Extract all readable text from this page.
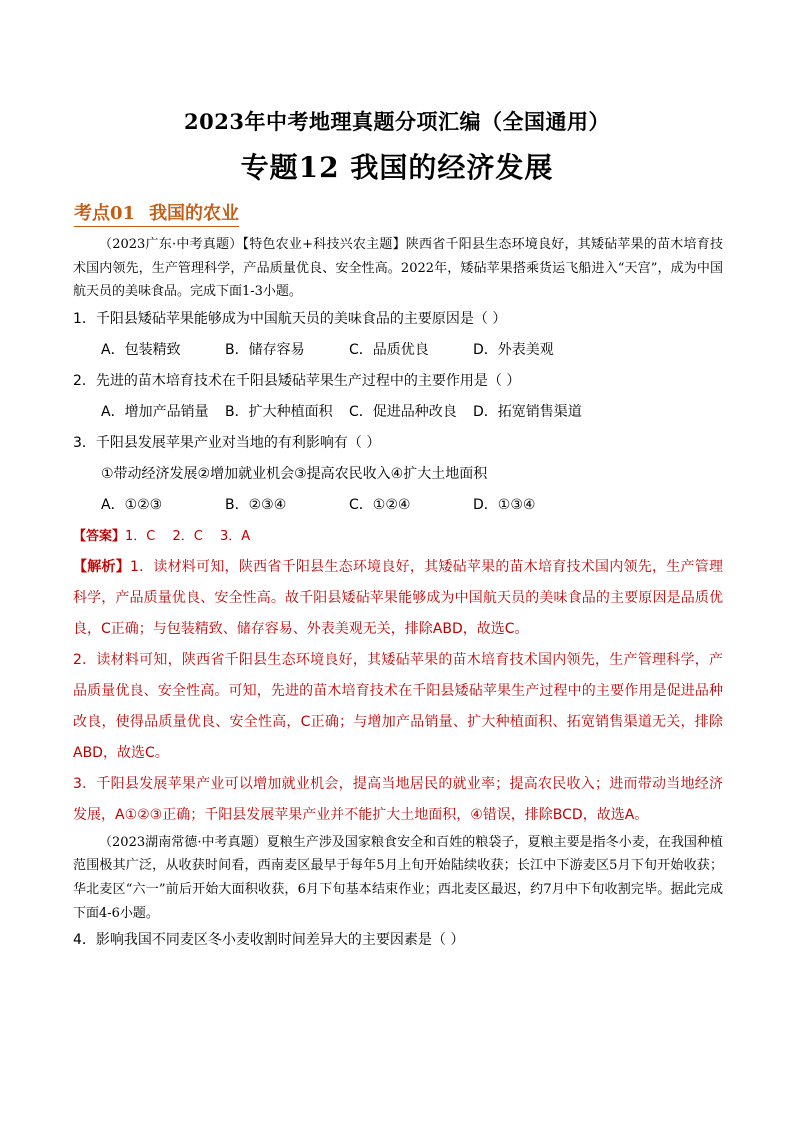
2023年中考地理真题分项汇编（全国通用）
专题12 我国的经济发展
考点01 我国的农业

（2023广东·中考真题）【特色农业+科技兴农主题】陕西省千阳县生态环境良好，其矮砧苹果的苗木培育技术国内领先，生产管理科学，产品质量优良、安全性高。2022年，矮砧苹果搭乘货运飞船进入“天宫”，成为中国航天员的美味食品。完成下面1-3小题。

1．千阳县矮砧苹果能够成为中国航天员的美味食品的主要原因是（ ）

A．包装精致	B．储存容易	C．品质优良	D．外表美观

2．先进的苗木培育技术在千阳县矮砧苹果生产过程中的主要作用是（ ）

A．增加产品销量	B．扩大种植面积	C．促进品种改良	D．拓宽销售渠道

3．千阳县发展苹果产业对当地的有利影响有（ ）

①带动经济发展②增加就业机会③提高农民收入④扩大土地面积

A．①②③	B．②③④	C．①②④	D．①③④

【答案】1．C　 2．C　 3．A

【解析】1．读材料可知，陕西省千阳县生态环境良好，其矮砧苹果的苗木培育技术国内领先，生产管理科学，产品质量优良、安全性高。故千阳县矮砧苹果能够成为中国航天员的美味食品的主要原因是品质优良，C正确；与包装精致、储存容易、外表美观无关，排除ABD，故选C。

2．读材料可知，陕西省千阳县生态环境良好，其矮砧苹果的苗木培育技术国内领先，生产管理科学，产品质量优良、安全性高。可知，先进的苗木培育技术在千阳县矮砧苹果生产过程中的主要作用是促进品种改良，使得品质量优良、安全性高，C正确；与增加产品销量、扩大种植面积、拓宽销售渠道无关，排除ABD，故选C。

3．千阳县发展苹果产业可以增加就业机会，提高当地居民的就业率；提高农民收入；进而带动当地经济发展，A①②③正确；千阳县发展苹果产业并不能扩大土地面积，④错误，排除BCD，故选A。

（2023湖南常德·中考真题）夏粮生产涉及国家粮食安全和百姓的粮袋子，夏粮主要是指冬小麦，在我国种植范围极其广泛，从收获时间看，西南麦区最早于每年5月上旬开始陆续收获；长江中下游麦区5月下旬开始收获；华北麦区“六一”前后开始大面积收获，6月下旬基本结束作业；西北麦区最迟，约7月中下旬收割完毕。据此完成下面4-6小题。

4．影响我国不同麦区冬小麦收割时间差异大的主要因素是（ ）
